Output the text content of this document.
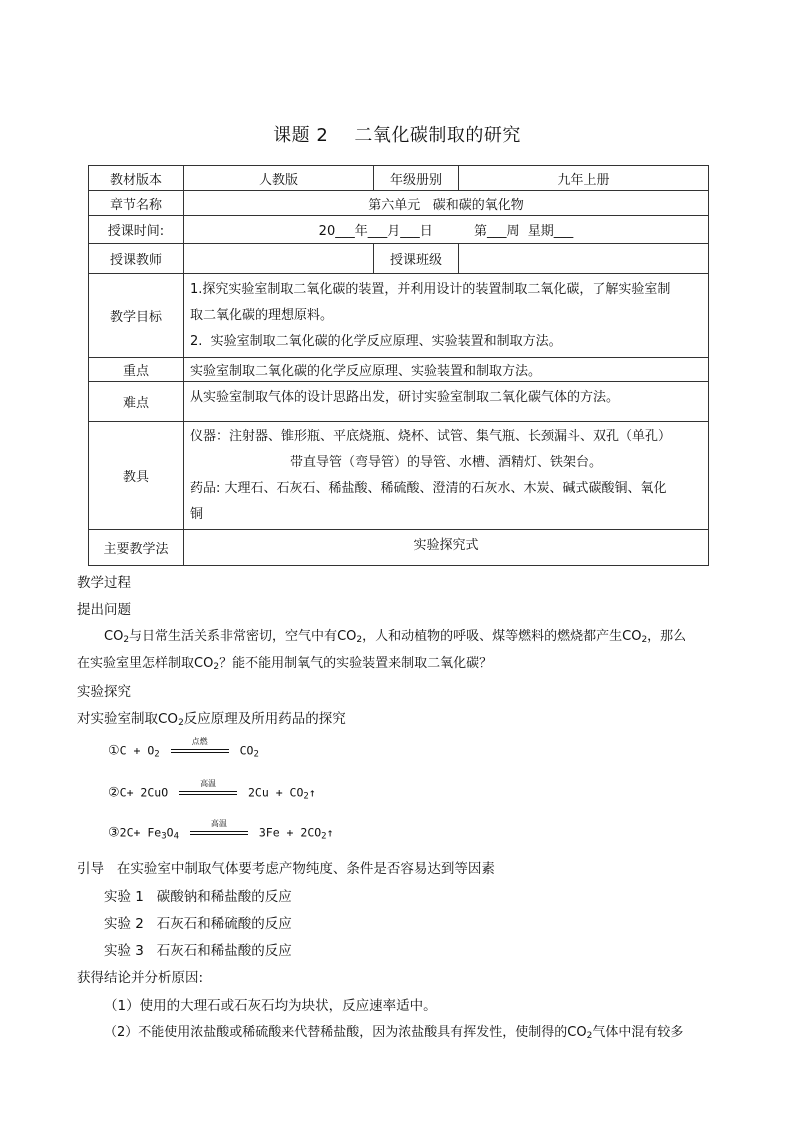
课题 2 二氧化碳制取的研究
教材版本	人教版	年级册别	九年上册
章节名称	第六单元   碳和碳的氧化物		
授课时间:	20___年___月___日          第___周  星期___		
授课教师		授课班级	
教学目标	1.探究实验室制取二氧化碳的装置，并利用设计的装置制取二氧化碳，了解实验室制
取二氧化碳的理想原料。
2.  实验室制取二氧化碳的化学反应原理、实验装置和制取方法。		

重点	实验室制取二氧化碳的化学反应原理、实验装置和制取方法。		
难点	从实验室制取气体的设计思路出发，研讨实验室制取二氧化碳气体的方法。		
教具	仪器：注射器、锥形瓶、平底烧瓶、烧杯、试管、集气瓶、长颈漏斗、双孔（单孔）
带直导管（弯导管）的导管、水槽、酒精灯、铁架台。
药品: 大理石、石灰石、稀盐酸、稀硫酸、澄清的石灰水、木炭、碱式碳酸铜、氧化
铜		

主要教学法	实验探究式		
教学过程
提出问题
$CO_2$与日常生活关系非常密切，空气中有$CO_2$，人和动植物的呼吸、煤等燃料的燃烧都产生$CO_2$，那么
在实验室里怎样制取$CO_2$？能不能用制氧气的实验装置来制取二氧化碳？
实验探究
对实验室制取$CO_2$反应原理及所用药品的探究
①C + $O_2$
点燃
$CO_2$
②C+ 2CuO
高温
$2Cu + CO_2↑$
③2C+ $Fe_3O_4$
高温
$3Fe + 2CO_2↑$
引导   在实验室中制取气体要考虑产物纯度、条件是否容易达到等因素
实验 1   碳酸钠和稀盐酸的反应
实验 2   石灰石和稀硫酸的反应
实验 3   石灰石和稀盐酸的反应
获得结论并分析原因:
（1）使用的大理石或石灰石均为块状，反应速率适中。
（2）不能使用浓盐酸或稀硫酸来代替稀盐酸，因为浓盐酸具有挥发性，使制得的$CO_2$气体中混有较多
